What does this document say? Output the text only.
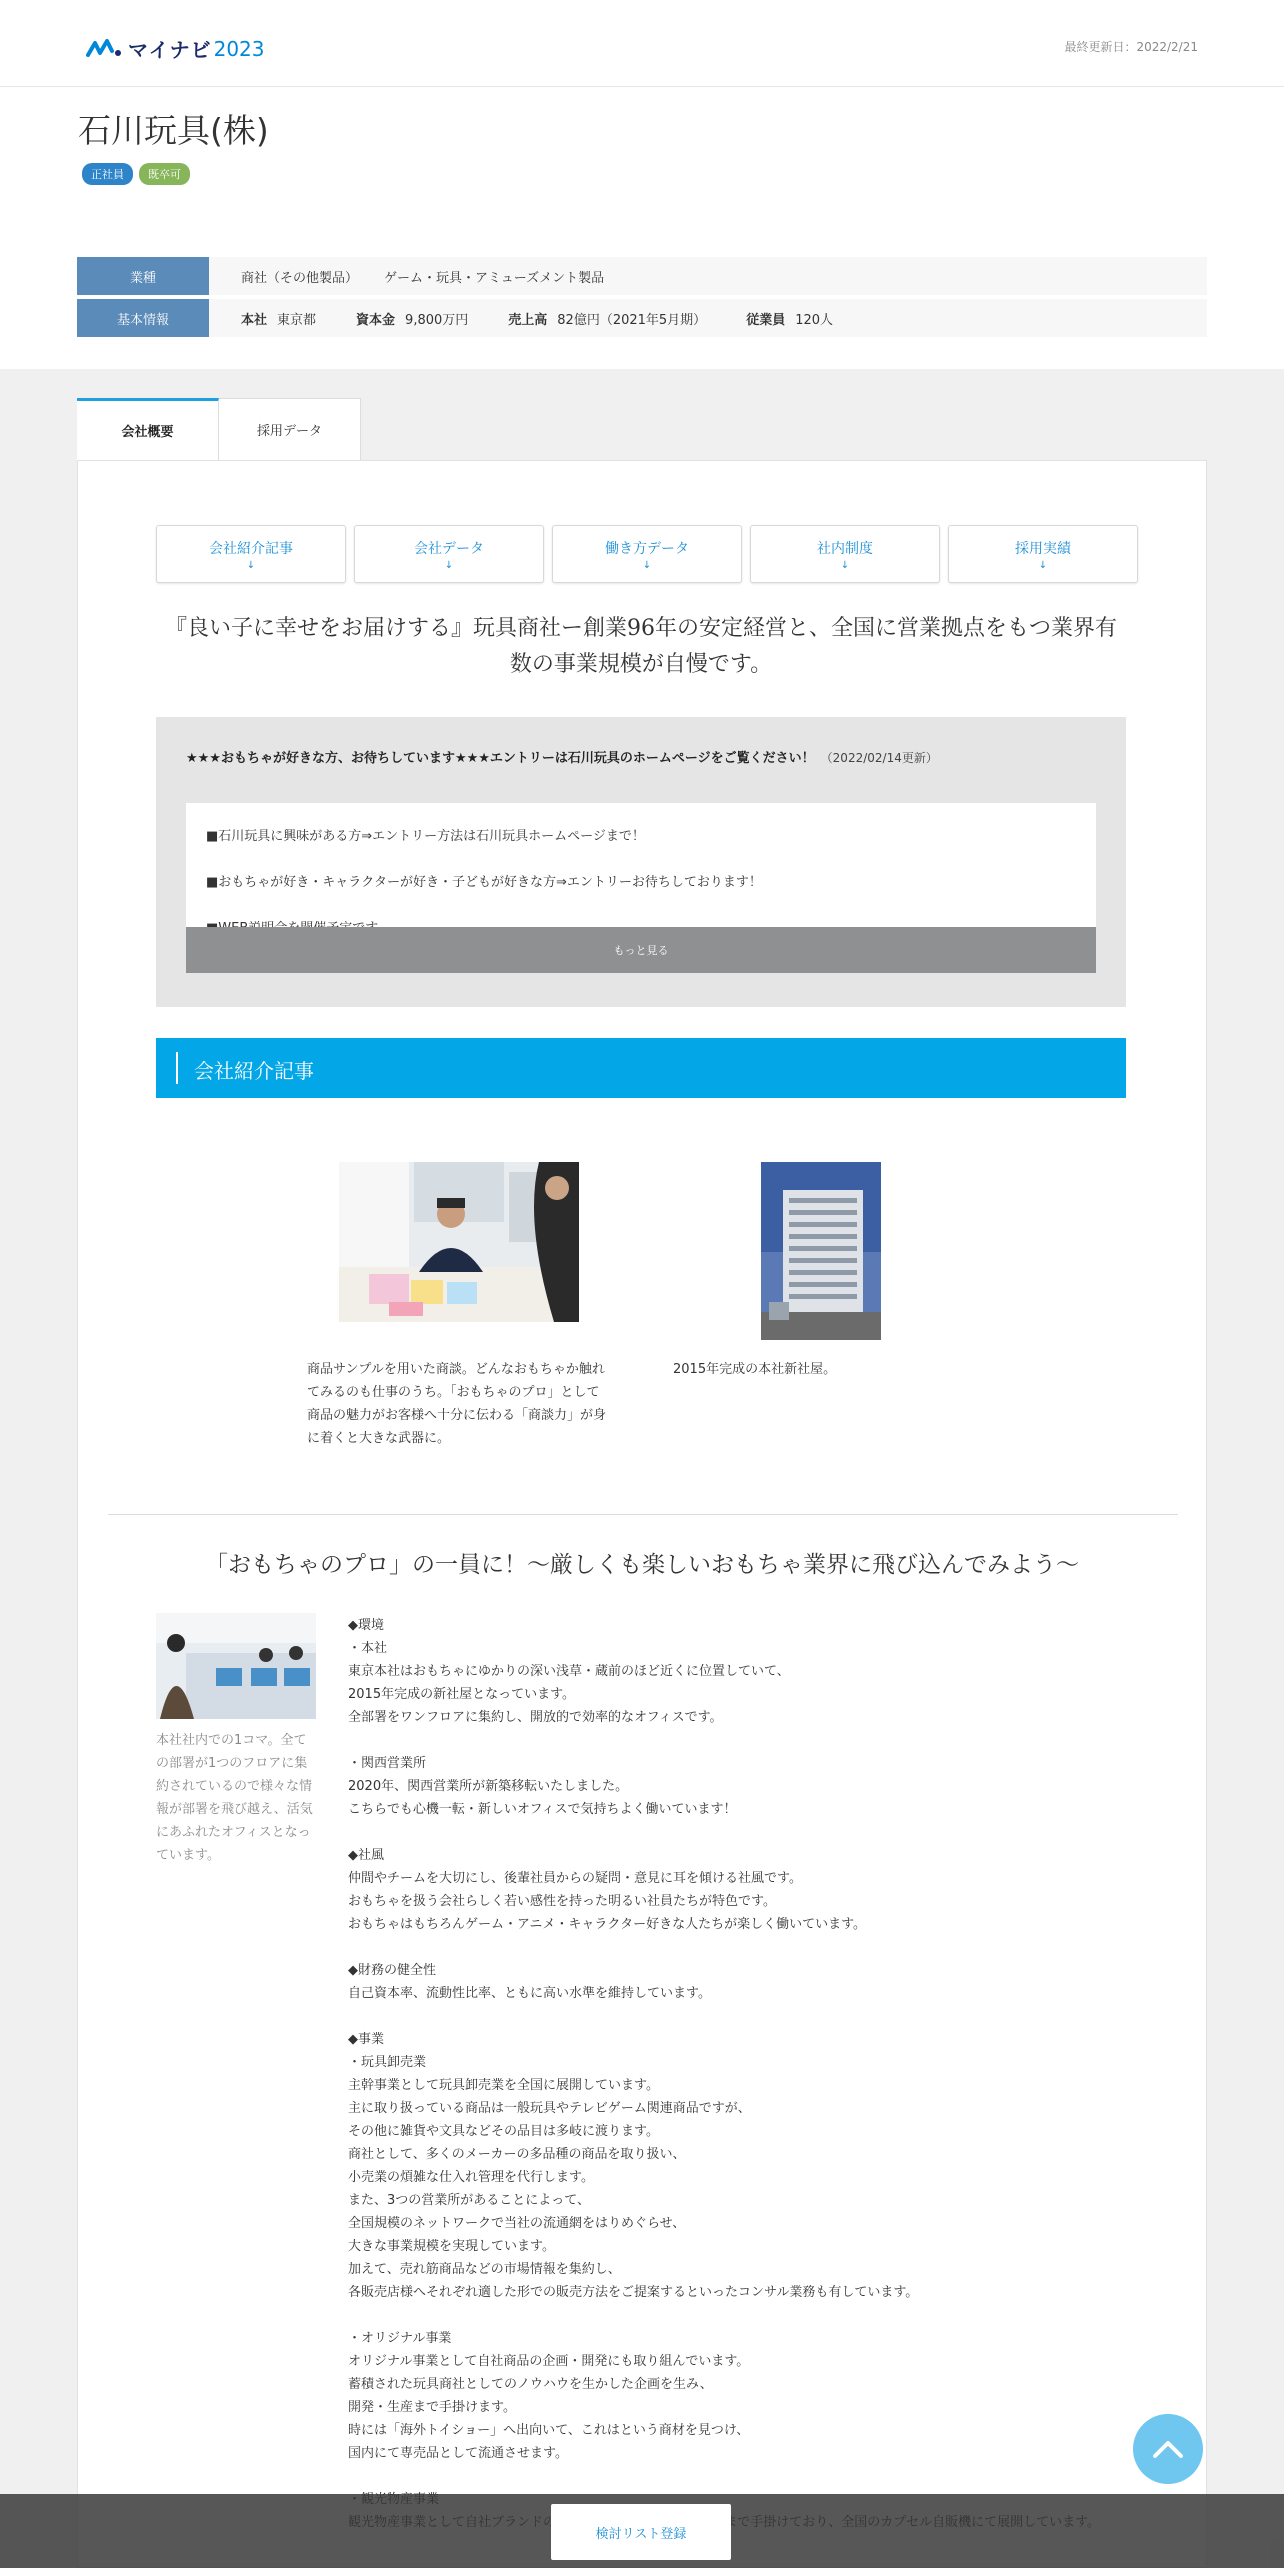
マイナビ 2023	最終更新日：2022/2/21
石川玩具(株)
正社員	既卒可
業種	商社（その他製品） ゲーム・玩具・アミューズメント製品
基本情報	本社 東京都	資本金 9,800万円	売上高 82億円（2021年5月期）	従業員 120人
会社概要	採用データ
会社紹介記事
↓
会社データ
↓
働き方データ
↓
社内制度
↓
採用実績
↓
『良い子に幸せをお届けする』玩具商社ー創業96年の安定経営と、全国に営業拠点をもつ業界有数の事業規模が自慢です。
★★★おもちゃが好きな方、お待ちしています★★★エントリーは石川玩具のホームページをご覧ください！ （2022/02/14更新）

■石川玩具に興味がある方⇒エントリー方法は石川玩具ホームページまで！

■おもちゃが好き・キャラクターが好き・子どもが好きな方⇒エントリーお待ちしております！

もっと見る
会社紹介記事
商品サンプルを用いた商談。どんなおもちゃか触れてみるのも仕事のうち。「おもちゃのプロ」として商品の魅力がお客様へ十分に伝わる「商談力」が身に着くと大きな武器に。
2015年完成の本社新社屋。
「おもちゃのプロ」の一員に！～厳しくも楽しいおもちゃ業界に飛び込んでみよう～
本社社内での1コマ。全ての部署が1つのフロアに集約されているので様々な情報が部署を飛び越え、活気にあふれたオフィスとなっています。
◆環境
・本社
東京本社はおもちゃにゆかりの深い浅草・蔵前のほど近くに位置していて、
2015年完成の新社屋となっています。
全部署をワンフロアに集約し、開放的で効率的なオフィスです。

・関西営業所
2020年、関西営業所が新築移転いたしました。
こちらでも心機一転・新しいオフィスで気持ちよく働いています！

◆社風
仲間やチームを大切にし、後輩社員からの疑問・意見に耳を傾ける社風です。
おもちゃを扱う会社らしく若い感性を持った明るい社員たちが特色です。
おもちゃはもちろんゲーム・アニメ・キャラクター好きな人たちが楽しく働いています。

◆財務の健全性
自己資本率、流動性比率、ともに高い水準を維持しています。

◆事業
・玩具卸売業
主幹事業として玩具卸売業を全国に展開しています。
主に取り扱っている商品は一般玩具やテレビゲーム関連商品ですが、
その他に雑貨や文具などその品目は多岐に渡ります。
商社として、多くのメーカーの多品種の商品を取り扱い、
小売業の煩雑な仕入れ管理を代行します。
また、3つの営業所があることによって、
全国規模のネットワークで当社の流通網をはりめぐらせ、
大きな事業規模を実現しています。
加えて、売れ筋商品などの市場情報を集約し、
各販売店様へそれぞれ適した形での販売方法をご提案するといったコンサル業務も有しています。

・オリジナル事業
オリジナル事業として自社商品の企画・開発にも取り組んでいます。
蓄積された玩具商社としてのノウハウを生かした企画を生み、
開発・生産まで手掛けます。
時には「海外トイショー」へ出向いて、これはという商材を見つけ、
国内にて専売品として流通させます。

検討リスト登録
